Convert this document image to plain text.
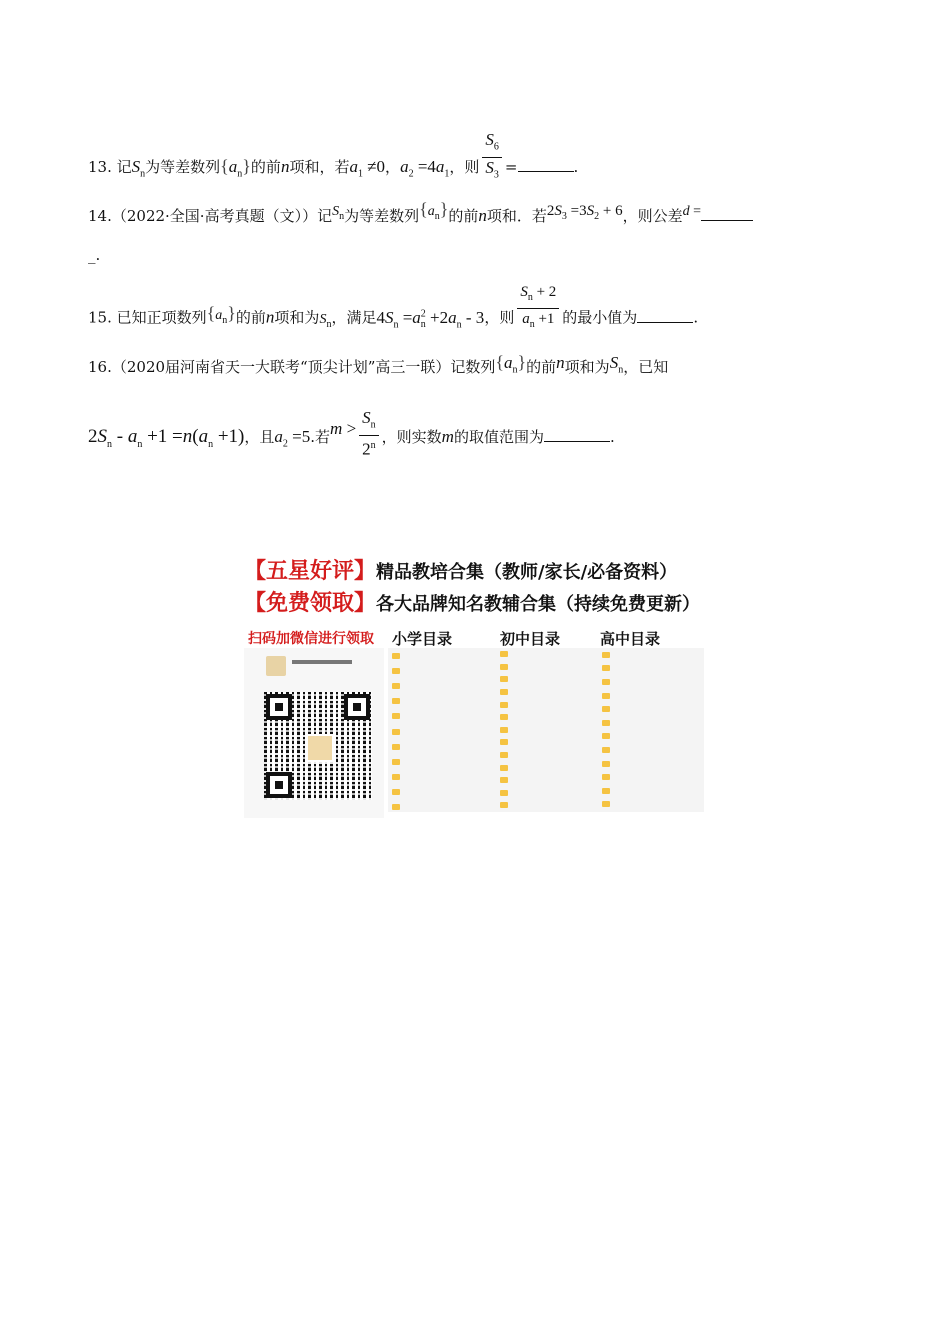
13. 记$S_n$为等差数列$\{a_n\}$的前n项和，若$a_1 \ne 0$，$a_2 =4a_1$，则 $\frac{S_6}{S_3}$ =	.
14.（2022·全国·高考真题（文））记$S_n$为等差数列$\{a_n\}$的前n项和．若$2S_3 =3S_2 + 6$，则公差d =
_.
15. 已知正项数列$\{a_n\}$的前n项和为$S_n$，满足$4S_n =a^2_n +2a_n - 3$，则 $\frac{S_n + 2}{a_n +1}$ 的最小值为	.
16.（2020届河南省天一大联考“顶尖计划”高三一联）记数列$\{a_n\}$的前n项和为$S_n$，已知
$2S_n - a_n +1 =n(a_n +1)$，且$a_2 =5$.若$m > \frac{S_n}{2^n}$ ，则实数m的取值范围为	.
【五星好评】精品教培合集（教师/家长/必备资料）
【免费领取】各大品牌知名教辅合集（持续免费更新）
扫码加微信进行领取 小学目录	初中目录	高中目录
